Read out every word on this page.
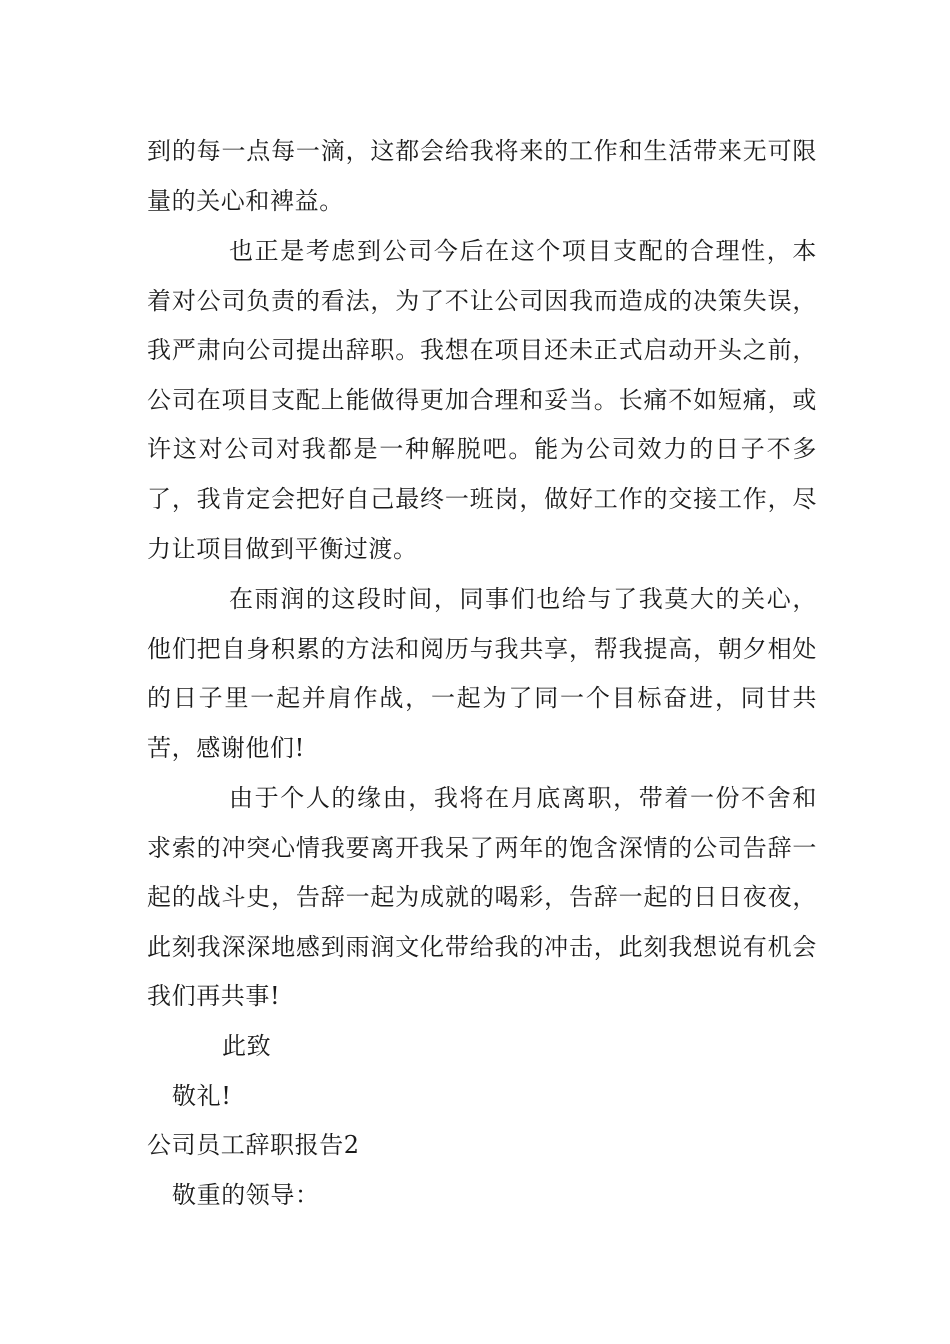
到的每一点每一滴，这都会给我将来的工作和生活带来无可限量的关心和裨益。

也正是考虑到公司今后在这个项目支配的合理性，本着对公司负责的看法，为了不让公司因我而造成的决策失误，我严肃向公司提出辞职。我想在项目还未正式启动开头之前，公司在项目支配上能做得更加合理和妥当。长痛不如短痛，或许这对公司对我都是一种解脱吧。能为公司效力的日子不多了，我肯定会把好自己最终一班岗，做好工作的交接工作，尽力让项目做到平衡过渡。

在雨润的这段时间，同事们也给与了我莫大的关心，他们把自身积累的方法和阅历与我共享，帮我提高，朝夕相处的日子里一起并肩作战，一起为了同一个目标奋进，同甘共苦，感谢他们!

由于个人的缘由，我将在月底离职，带着一份不舍和求索的冲突心情我要离开我呆了两年的饱含深情的公司告辞一起的战斗史，告辞一起为成就的喝彩，告辞一起的日日夜夜，此刻我深深地感到雨润文化带给我的冲击，此刻我想说有机会我们再共事!

此致

敬礼!

公司员工辞职报告2

敬重的领导：
